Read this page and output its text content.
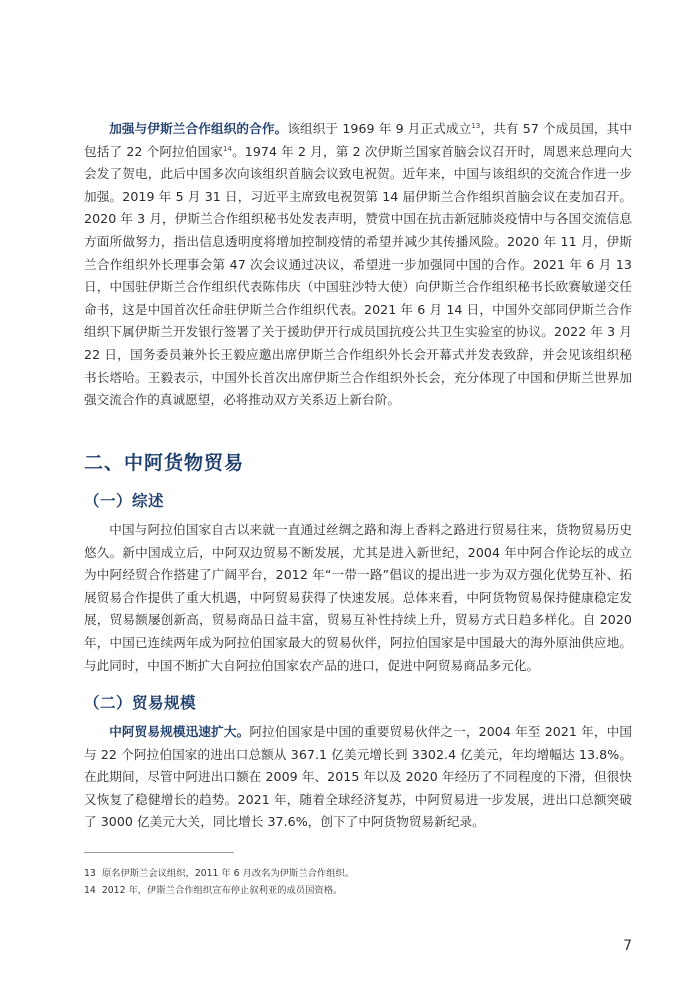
加强与伊斯兰合作组织的合作。该组织于 1969 年 9 月正式成立$^{13}$，共有 57 个成员国，其中包括了 22 个阿拉伯国家$^{14}$。1974 年 2 月，第 2 次伊斯兰国家首脑会议召开时，周恩来总理向大会发了贺电，此后中国多次向该组织首脑会议致电祝贺。近年来，中国与该组织的交流合作进一步加强。2019 年 5 月 31 日，习近平主席致电祝贺第 14 届伊斯兰合作组织首脑会议在麦加召开。2020 年 3 月，伊斯兰合作组织秘书处发表声明，赞赏中国在抗击新冠肺炎疫情中与各国交流信息方面所做努力，指出信息透明度将增加控制疫情的希望并减少其传播风险。2020 年 11 月，伊斯兰合作组织外长理事会第 47 次会议通过决议，希望进一步加强同中国的合作。2021 年 6 月 13 日，中国驻伊斯兰合作组织代表陈伟庆（中国驻沙特大使）向伊斯兰合作组织秘书长欧赛敏递交任命书，这是中国首次任命驻伊斯兰合作组织代表。2021 年 6 月 14 日，中国外交部同伊斯兰合作组织下属伊斯兰开发银行签署了关于援助伊开行成员国抗疫公共卫生实验室的协议。2022 年 3 月 22 日，国务委员兼外长王毅应邀出席伊斯兰合作组织外长会开幕式并发表致辞，并会见该组织秘书长塔哈。王毅表示，中国外长首次出席伊斯兰合作组织外长会，充分体现了中国和伊斯兰世界加强交流合作的真诚愿望，必将推动双方关系迈上新台阶。

二、中阿货物贸易
（一）综述

中国与阿拉伯国家自古以来就一直通过丝绸之路和海上香料之路进行贸易往来，货物贸易历史悠久。新中国成立后，中阿双边贸易不断发展，尤其是进入新世纪，2004 年中阿合作论坛的成立为中阿经贸合作搭建了广阔平台，2012 年“一带一路”倡议的提出进一步为双方强化优势互补、拓展贸易合作提供了重大机遇，中阿贸易获得了快速发展。总体来看，中阿货物贸易保持健康稳定发展，贸易额屡创新高，贸易商品日益丰富，贸易互补性持续上升，贸易方式日趋多样化。自 2020 年，中国已连续两年成为阿拉伯国家最大的贸易伙伴，阿拉伯国家是中国最大的海外原油供应地。与此同时，中国不断扩大自阿拉伯国家农产品的进口，促进中阿贸易商品多元化。

（二）贸易规模

中阿贸易规模迅速扩大。阿拉伯国家是中国的重要贸易伙伴之一，2004 年至 2021 年，中国与 22 个阿拉伯国家的进出口总额从 367.1 亿美元增长到 3302.4 亿美元，年均增幅达 13.8%。在此期间，尽管中阿进出口额在 2009 年、2015 年以及 2020 年经历了不同程度的下滑，但很快又恢复了稳健增长的趋势。2021 年，随着全球经济复苏，中阿贸易进一步发展，进出口总额突破了 3000 亿美元大关，同比增长 37.6%，创下了中阿货物贸易新纪录。

13 原名伊斯兰会议组织，2011 年 6 月改名为伊斯兰合作组织。

14 2012 年，伊斯兰合作组织宣布停止叙利亚的成员国资格。

7
